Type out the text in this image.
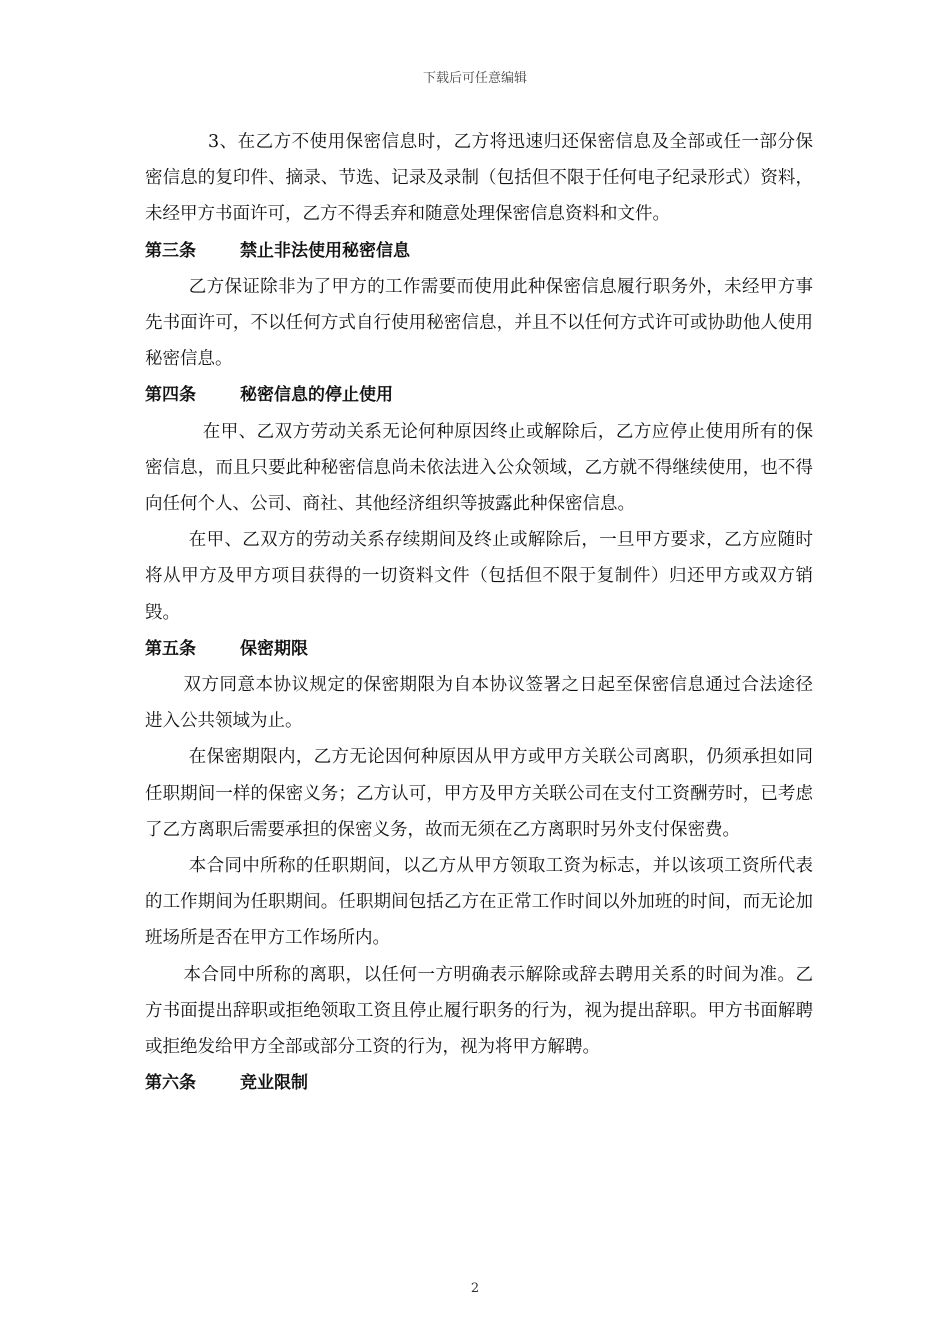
下载后可任意编辑

3、在乙方不使用保密信息时，乙方将迅速归还保密信息及全部或任一部分保密信息的复印件、摘录、节选、记录及录制（包括但不限于任何电子纪录形式）资料，未经甲方书面许可，乙方不得丢弃和随意处理保密信息资料和文件。

第三条	禁止非法使用秘密信息

乙方保证除非为了甲方的工作需要而使用此种保密信息履行职务外，未经甲方事先书面许可，不以任何方式自行使用秘密信息，并且不以任何方式许可或协助他人使用秘密信息。

第四条	秘密信息的停止使用

在甲、乙双方劳动关系无论何种原因终止或解除后，乙方应停止使用所有的保密信息，而且只要此种秘密信息尚未依法进入公众领域，乙方就不得继续使用，也不得向任何个人、公司、商社、其他经济组织等披露此种保密信息。

在甲、乙双方的劳动关系存续期间及终止或解除后，一旦甲方要求，乙方应随时将从甲方及甲方项目获得的一切资料文件（包括但不限于复制件）归还甲方或双方销毁。

第五条	保密期限

双方同意本协议规定的保密期限为自本协议签署之日起至保密信息通过合法途径进入公共领域为止。

在保密期限内，乙方无论因何种原因从甲方或甲方关联公司离职，仍须承担如同任职期间一样的保密义务；乙方认可，甲方及甲方关联公司在支付工资酬劳时，已考虑了乙方离职后需要承担的保密义务，故而无须在乙方离职时另外支付保密费。

本合同中所称的任职期间，以乙方从甲方领取工资为标志，并以该项工资所代表的工作期间为任职期间。任职期间包括乙方在正常工作时间以外加班的时间，而无论加班场所是否在甲方工作场所内。

本合同中所称的离职，以任何一方明确表示解除或辞去聘用关系的时间为准。乙方书面提出辞职或拒绝领取工资且停止履行职务的行为，视为提出辞职。甲方书面解聘或拒绝发给甲方全部或部分工资的行为，视为将甲方解聘。

第六条	竞业限制

2
